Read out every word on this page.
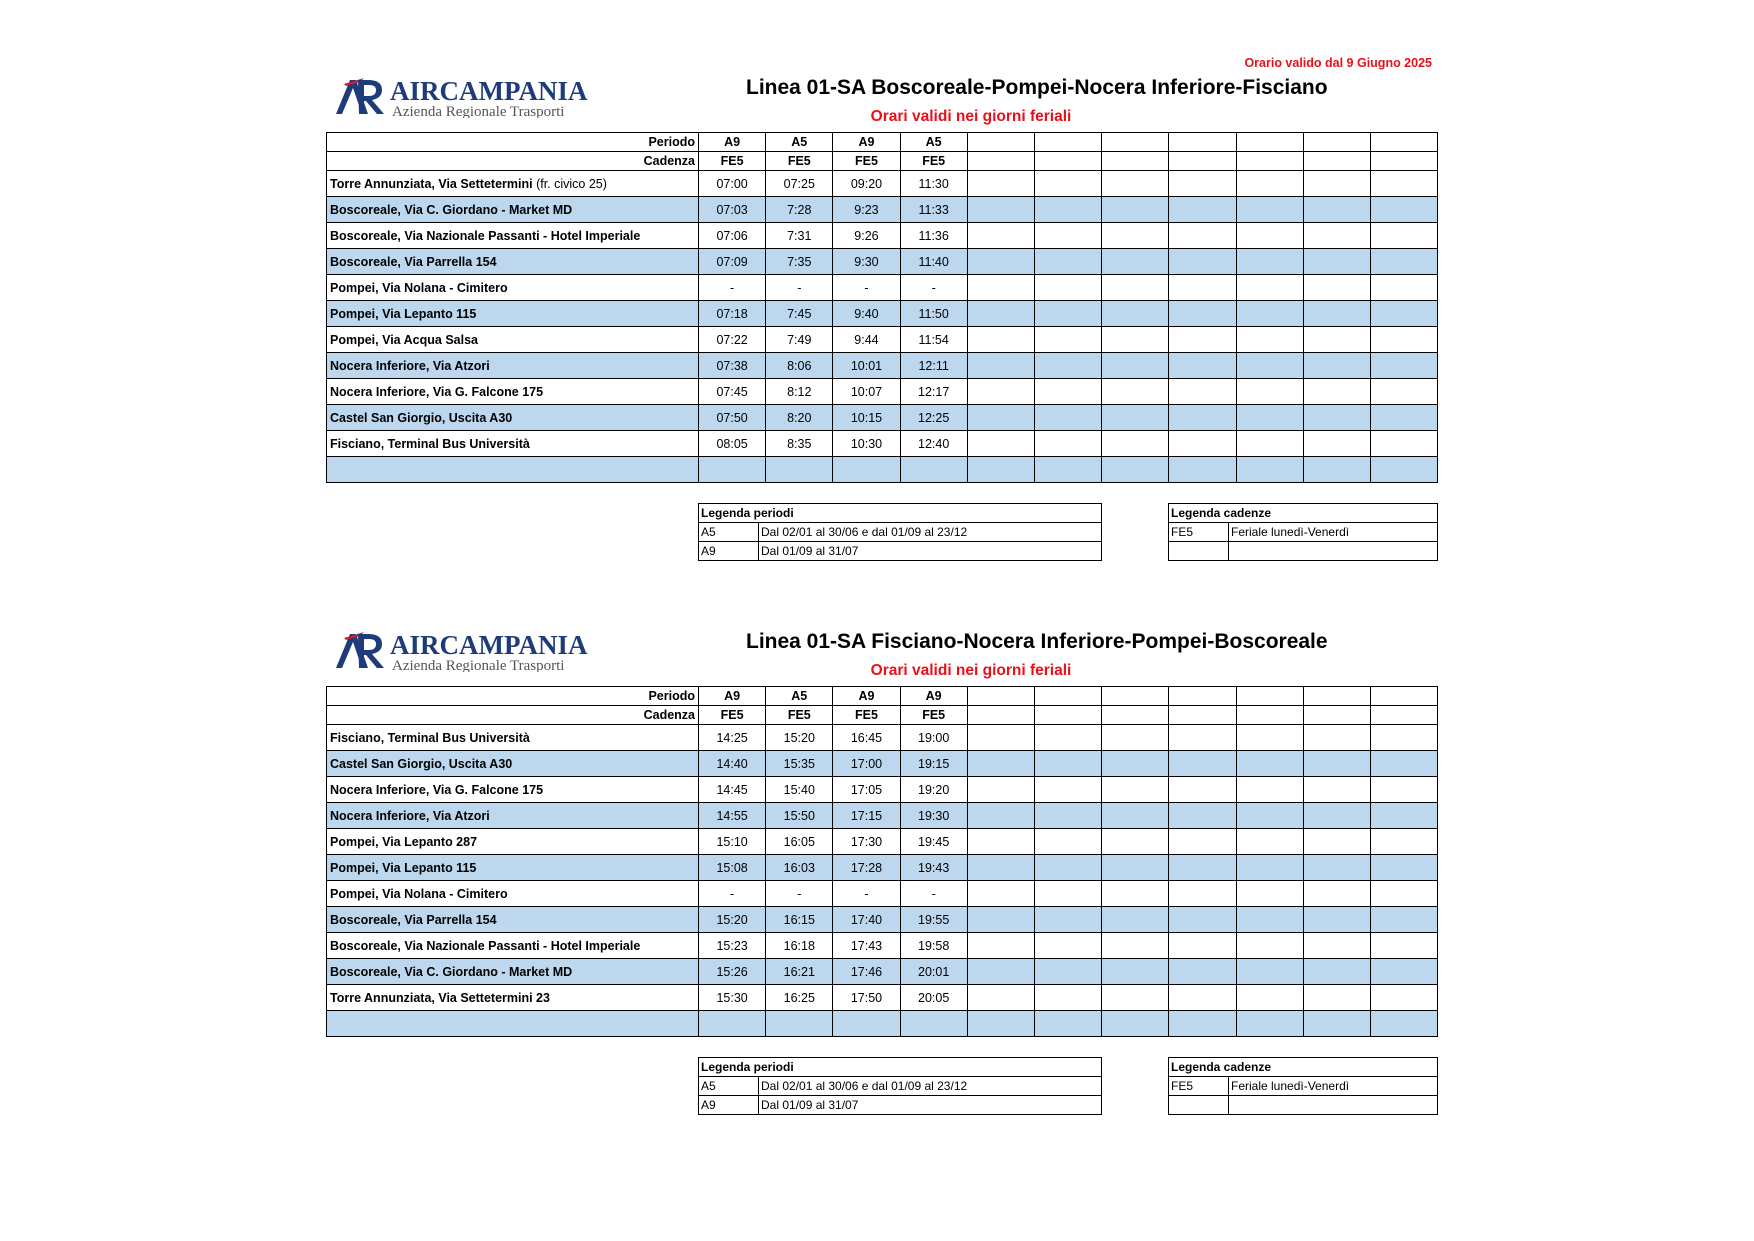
Orario valido dal 9 Giugno 2025
AIRCAMPANIA
Azienda Regionale Trasporti
Linea 01-SA Boscoreale-Pompei-Nocera Inferiore-Fisciano
Orari validi nei giorni feriali
Periodo	A9	A5	A9	A5							
Cadenza	FE5	FE5	FE5	FE5							
Torre Annunziata, Via Settetermini (fr. civico 25)	07:00	07:25	09:20	11:30							
Boscoreale, Via C. Giordano - Market MD	07:03	7:28	9:23	11:33							
Boscoreale, Via Nazionale Passanti - Hotel Imperiale	07:06	7:31	9:26	11:36							
Boscoreale, Via Parrella 154	07:09	7:35	9:30	11:40							
Pompei, Via Nolana - Cimitero	-	-	-	-							
Pompei, Via Lepanto 115	07:18	7:45	9:40	11:50							
Pompei, Via Acqua Salsa	07:22	7:49	9:44	11:54							
Nocera Inferiore, Via Atzori	07:38	8:06	10:01	12:11							
Nocera Inferiore, Via G. Falcone 175	07:45	8:12	10:07	12:17							
Castel San Giorgio, Uscita A30	07:50	8:20	10:15	12:25							
Fisciano, Terminal Bus Università	08:05	8:35	10:30	12:40							

Legenda periodi	
A5	Dal 02/01 al 30/06 e dal 01/09 al 23/12
A9	Dal 01/09 al 31/07
Legenda cadenze	
FE5	Feriale lunedì-Venerdì

AIRCAMPANIA
Azienda Regionale Trasporti
Linea 01-SA Fisciano-Nocera Inferiore-Pompei-Boscoreale
Orari validi nei giorni feriali
Periodo	A9	A5	A9	A9							
Cadenza	FE5	FE5	FE5	FE5							
Fisciano, Terminal Bus Università	14:25	15:20	16:45	19:00							
Castel San Giorgio, Uscita A30	14:40	15:35	17:00	19:15							
Nocera Inferiore, Via G. Falcone 175	14:45	15:40	17:05	19:20							
Nocera Inferiore, Via Atzori	14:55	15:50	17:15	19:30							
Pompei, Via Lepanto 287	15:10	16:05	17:30	19:45							
Pompei, Via Lepanto 115	15:08	16:03	17:28	19:43							
Pompei, Via Nolana - Cimitero	-	-	-	-							
Boscoreale, Via Parrella 154	15:20	16:15	17:40	19:55							
Boscoreale, Via Nazionale Passanti - Hotel Imperiale	15:23	16:18	17:43	19:58							
Boscoreale, Via C. Giordano - Market MD	15:26	16:21	17:46	20:01							
Torre Annunziata, Via Settetermini 23	15:30	16:25	17:50	20:05							

Legenda periodi	
A5	Dal 02/01 al 30/06 e dal 01/09 al 23/12
A9	Dal 01/09 al 31/07
Legenda cadenze	
FE5	Feriale lunedì-Venerdì
